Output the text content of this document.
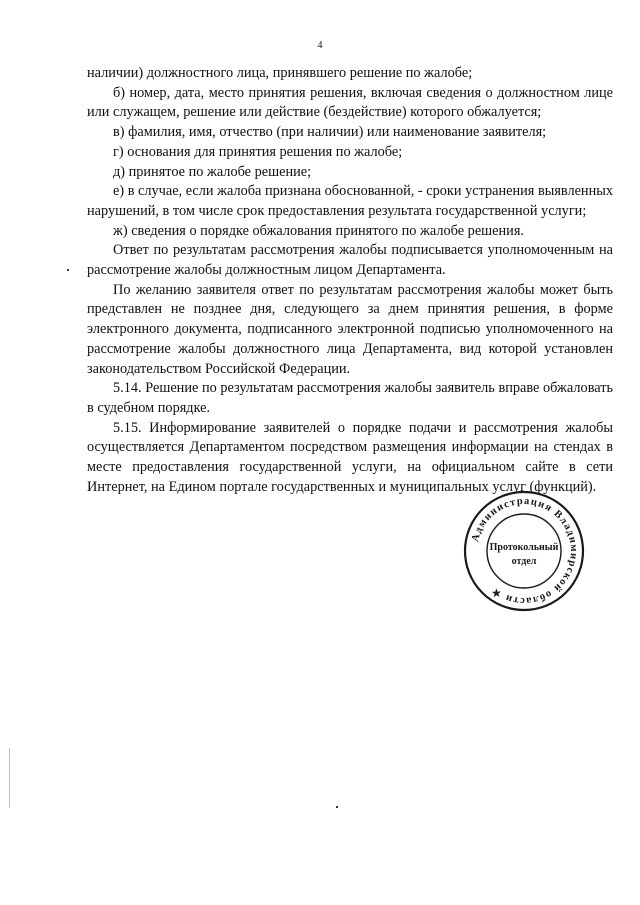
4

наличии) должностного лица, принявшего решение по жалобе;

б) номер, дата, место принятия решения, включая сведения о должностном лице или служащем, решение или действие (бездействие) которого обжалуется;

в) фамилия, имя, отчество (при наличии) или наименование заявителя;

г) основания для принятия решения по жалобе;

д) принятое по жалобе решение;

е) в случае, если жалоба признана обоснованной, - сроки устранения выявленных нарушений, в том числе срок предоставления результата государственной услуги;

ж) сведения о порядке обжалования принятого по жалобе решения.

Ответ по результатам рассмотрения жалобы подписывается уполномоченным на рассмотрение жалобы должностным лицом Департамента.

По желанию заявителя ответ по результатам рассмотрения жалобы может быть представлен не позднее дня, следующего за днем принятия решения, в форме электронного документа, подписанного электронной подписью уполномоченного на рассмотрение жалобы должностного лица Департамента, вид которой установлен законодательством Российской Федерации.

5.14. Решение по результатам рассмотрения жалобы заявитель вправе обжаловать в судебном порядке.

5.15. Информирование заявителей о порядке подачи и рассмотрения жалобы осуществляется Департаментом посредством размещения информации на стендах в месте предоставления государственной услуги, на официальном сайте в сети Интернет, на Едином портале государственных и муниципальных услуг (функций).

Администрация Владимирской области ★
Протокольный
отдел
